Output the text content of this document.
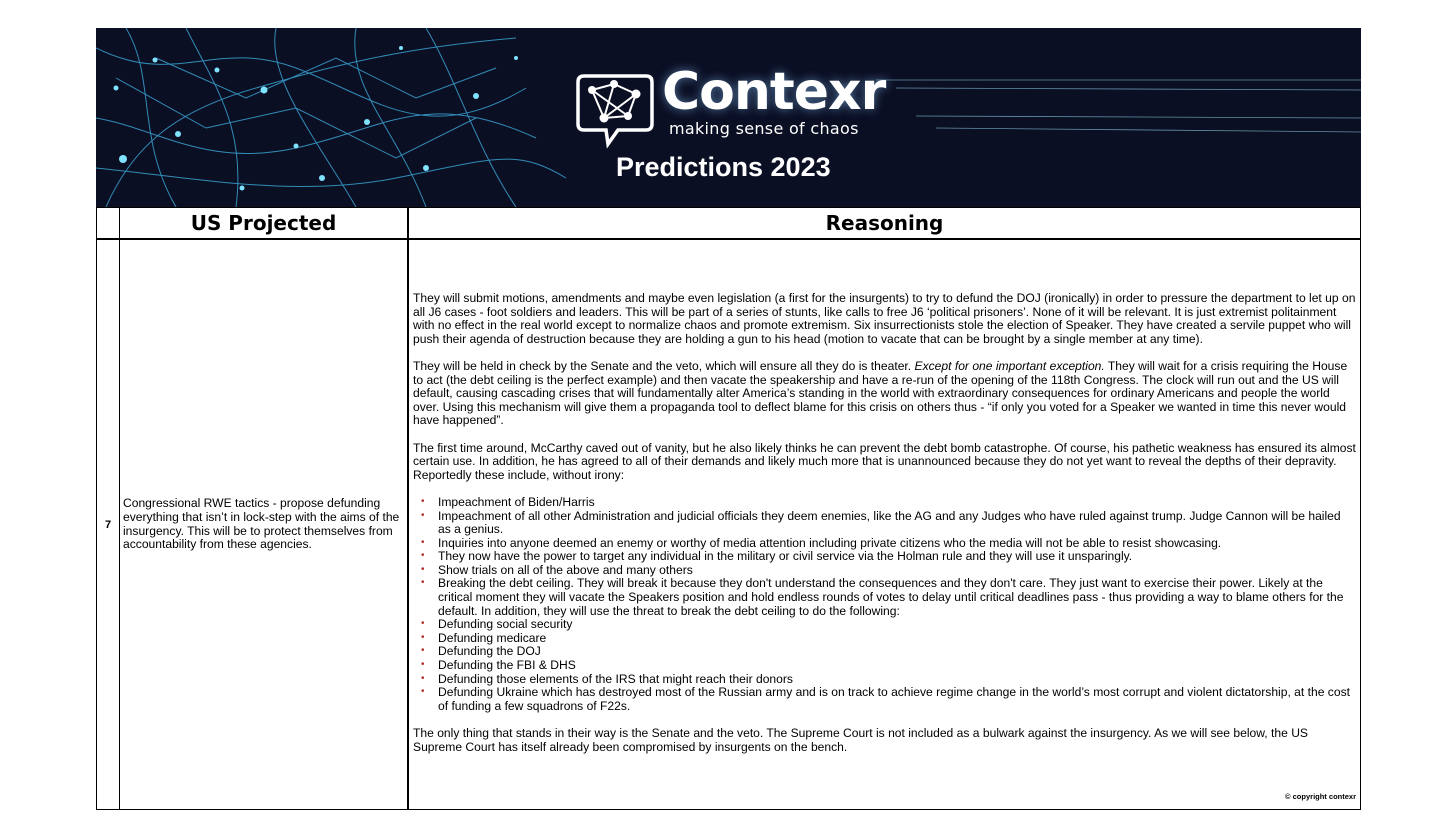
Contexr
making sense of chaos
Predictions 2023
US Projected	Reasoning
7
Congressional RWE tactics - propose defunding everything that isn’t in lock-step with the aims of the insurgency. This will be to protect themselves from accountability from these agencies.

They will submit motions, amendments and maybe even legislation (a first for the insurgents) to try to defund the DOJ (ironically) in order to pressure the department to let up on all J6 cases - foot soldiers and leaders. This will be part of a series of stunts, like calls to free J6 ‘political prisoners’. None of it will be relevant. It is just extremist politainment with no effect in the real world except to normalize chaos and promote extremism. Six insurrectionists stole the election of Speaker. They have created a servile puppet who will push their agenda of destruction because they are holding a gun to his head (motion to vacate that can be brought by a single member at any time).

They will be held in check by the Senate and the veto, which will ensure all they do is theater. Except for one important exception. They will wait for a crisis requiring the House to act (the debt ceiling is the perfect example) and then vacate the speakership and have a re-run of the opening of the 118th Congress. The clock will run out and the US will default, causing cascading crises that will fundamentally alter America’s standing in the world with extraordinary consequences for ordinary Americans and people the world over. Using this mechanism will give them a propaganda tool to deflect blame for this crisis on others thus - “if only you voted for a Speaker we wanted in time this never would have happened”.

The first time around, McCarthy caved out of vanity, but he also likely thinks he can prevent the debt bomb catastrophe. Of course, his pathetic weakness has ensured its almost certain use. In addition, he has agreed to all of their demands and likely much more that is unannounced because they do not yet want to reveal the depths of their depravity. Reportedly these include, without irony:

• Impeachment of Biden/Harris
• Impeachment of all other Administration and judicial officials they deem enemies, like the AG and any Judges who have ruled against trump. Judge Cannon will be hailed as a genius.
• Inquiries into anyone deemed an enemy or worthy of media attention including private citizens who the media will not be able to resist showcasing.
• They now have the power to target any individual in the military or civil service via the Holman rule and they will use it unsparingly.
• Show trials on all of the above and many others
• Breaking the debt ceiling. They will break it because they don't understand the consequences and they don't care. They just want to exercise their power. Likely at the critical moment they will vacate the Speakers position and hold endless rounds of votes to delay until critical deadlines pass - thus providing a way to blame others for the default. In addition, they will use the threat to break the debt ceiling to do the following:
• Defunding social security
• Defunding medicare
• Defunding the DOJ
• Defunding the FBI & DHS
• Defunding those elements of the IRS that might reach their donors
• Defunding Ukraine which has destroyed most of the Russian army and is on track to achieve regime change in the world’s most corrupt and violent dictatorship, at the cost of funding a few squadrons of F22s.

The only thing that stands in their way is the Senate and the veto. The Supreme Court is not included as a bulwark against the insurgency. As we will see below, the US Supreme Court has itself already been compromised by insurgents on the bench.

© copyright contexr
